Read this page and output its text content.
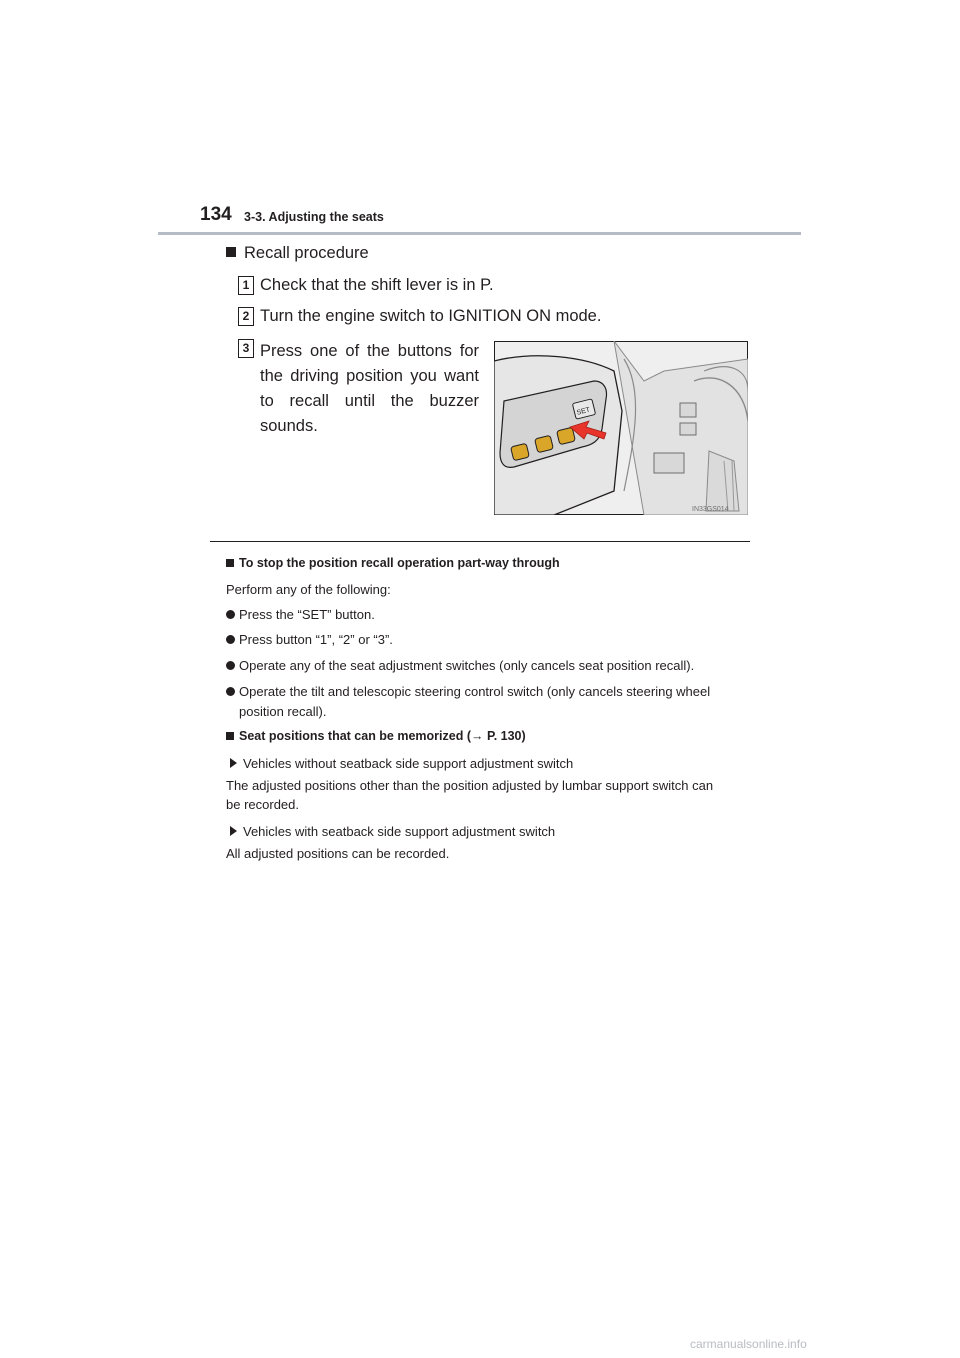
134 3-3. Adjusting the seats
Recall procedure
1 Check that the shift lever is in P.
2 Turn the engine switch to IGNITION ON mode.
3 Press one of the buttons for the driving position you want to recall until the buzzer sounds.
SET
IN33GS014
To stop the position recall operation part-way through
Perform any of the following:
Press the “SET” button.
Press button “1”, “2” or “3”.
Operate any of the seat adjustment switches (only cancels seat position recall).
Operate the tilt and telescopic steering control switch (only cancels steering wheel
position recall).
Seat positions that can be memorized (→ P. 130)
Vehicles without seatback side support adjustment switch
The adjusted positions other than the position adjusted by lumbar support switch can
be recorded.
Vehicles with seatback side support adjustment switch
All adjusted positions can be recorded.
carmanualsonline.info
